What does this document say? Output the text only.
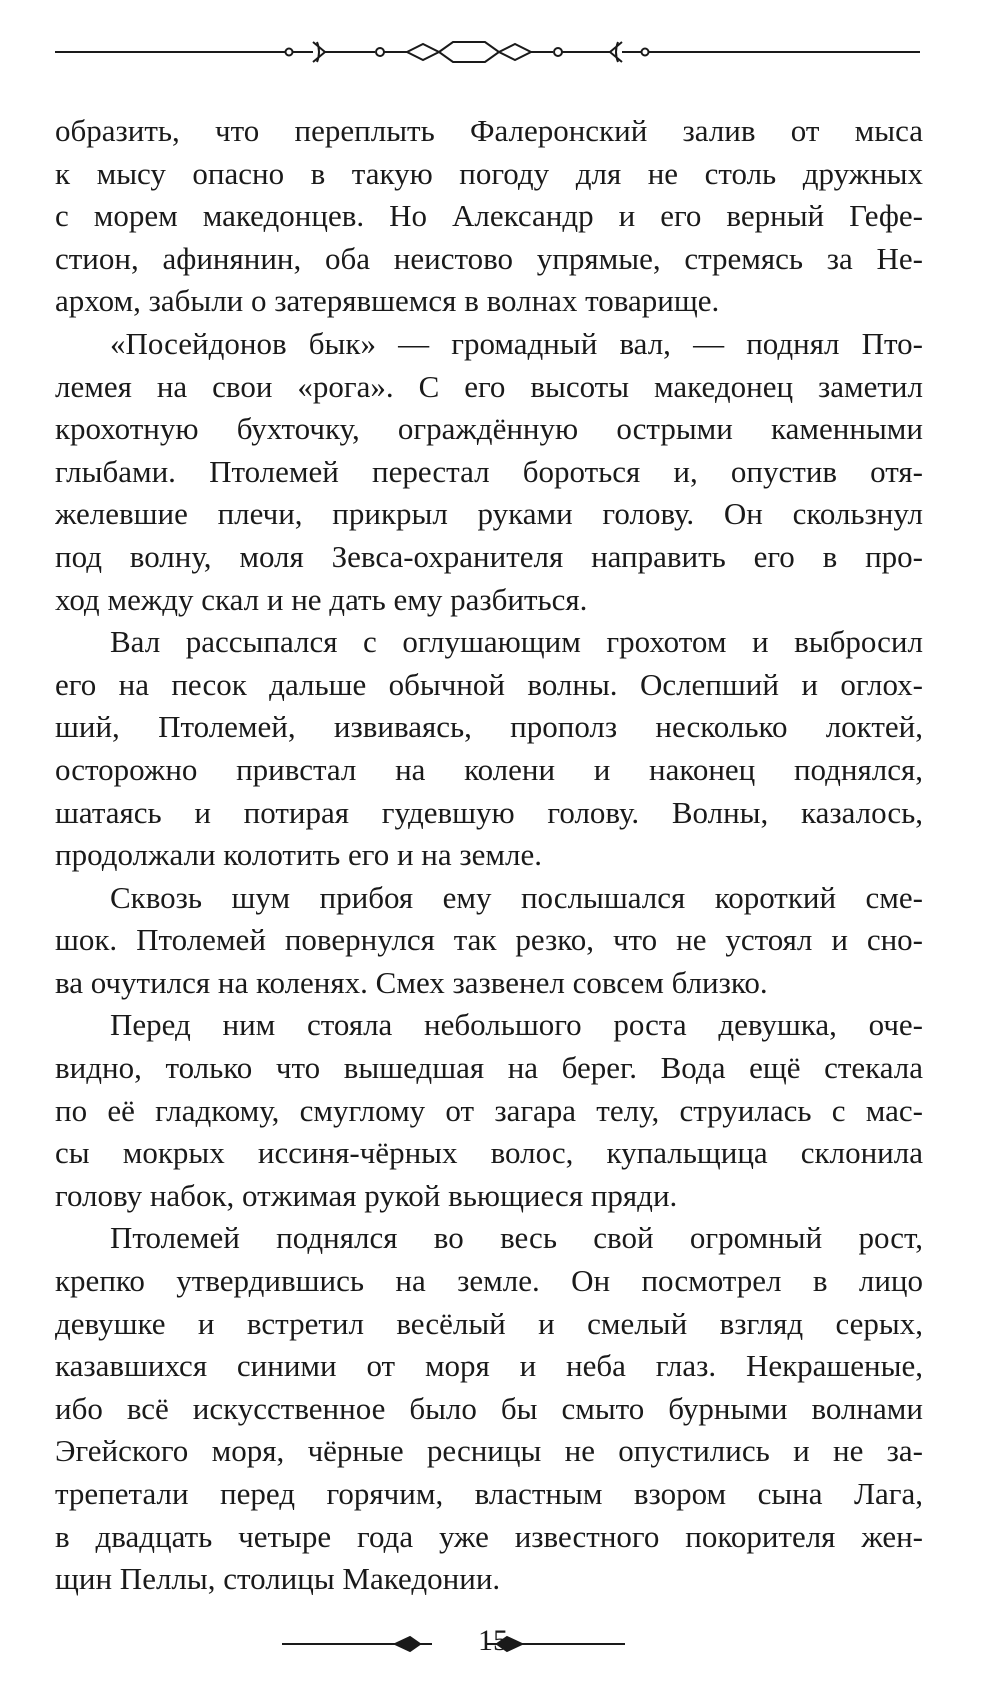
образить, что переплыть Фалеронский залив от мыса
к мысу опасно в такую погоду для не столь дружных
с морем македонцев. Но Александр и его верный Гефе-
стион, афинянин, оба неистово упрямые, стремясь за Не-
архом, забыли о затерявшемся в волнах товарище.
«Посейдонов бык» — громадный вал, — поднял Пто-
лемея на свои «рога». С его высоты македонец заметил
крохотную бухточку, ограждённую острыми каменными
глыбами. Птолемей перестал бороться и, опустив отя-
желевшие плечи, прикрыл руками голову. Он скользнул
под волну, моля Зевса-охранителя направить его в про-
ход между скал и не дать ему разбиться.
Вал рассыпался с оглушающим грохотом и выбросил
его на песок дальше обычной волны. Ослепший и оглох-
ший, Птолемей, извиваясь, прополз несколько локтей,
осторожно привстал на колени и наконец поднялся,
шатаясь и потирая гудевшую голову. Волны, казалось,
продолжали колотить его и на земле.
Сквозь шум прибоя ему послышался короткий сме-
шок. Птолемей повернулся так резко, что не устоял и сно-
ва очутился на коленях. Смех зазвенел совсем близко.
Перед ним стояла небольшого роста девушка, оче-
видно, только что вышедшая на берег. Вода ещё стекала
по её гладкому, смуглому от загара телу, струилась с мас-
сы мокрых иссиня-чёрных волос, купальщица склонила
голову набок, отжимая рукой вьющиеся пряди.
Птолемей поднялся во весь свой огромный рост,
крепко утвердившись на земле. Он посмотрел в лицо
девушке и встретил весёлый и смелый взгляд серых,
казавшихся синими от моря и неба глаз. Некрашеные,
ибо всё искусственное было бы смыто бурными волнами
Эгейского моря, чёрные ресницы не опустились и не за-
трепетали перед горячим, властным взором сына Лага,
в двадцать четыре года уже известного покорителя жен-
щин Пеллы, столицы Македонии.
15
